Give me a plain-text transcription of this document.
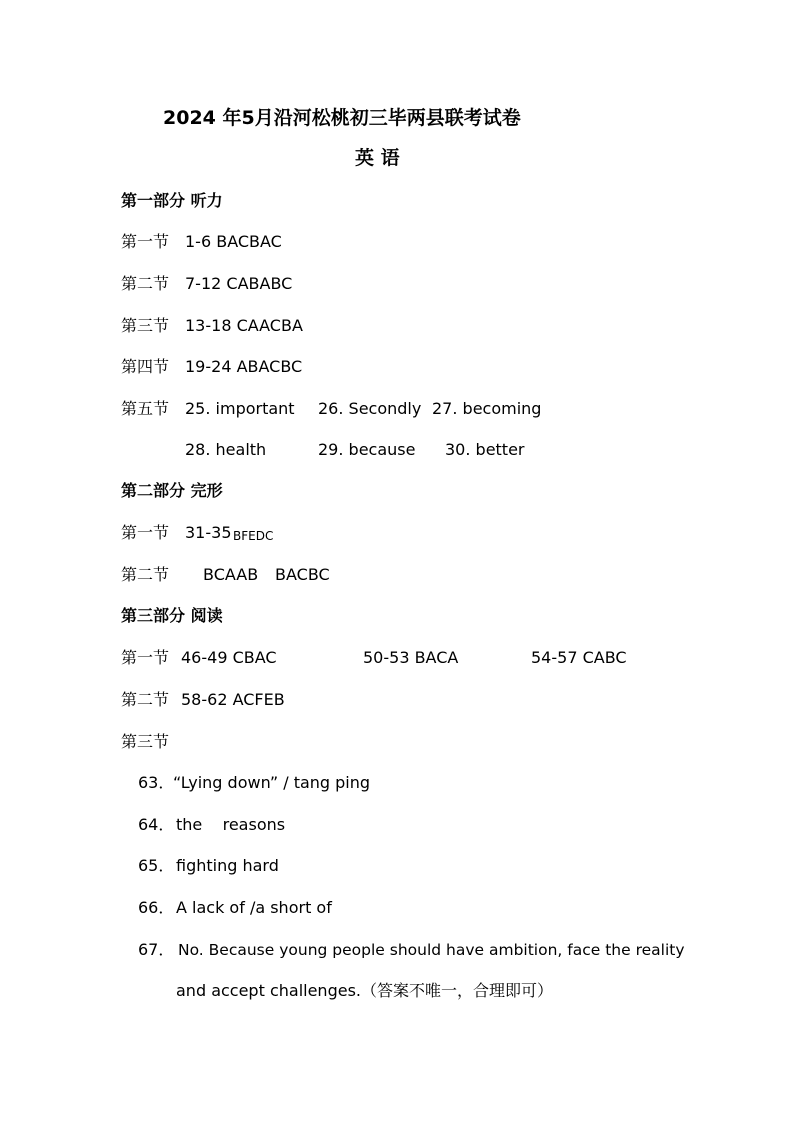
2024 年5月沿河松桃初三毕两县联考试卷
英 语
第一部分 听力
第一节 1-6 BACBAC
第二节 7-12 CABABC
第三节 13-18 CAACBA
第四节 19-24 ABACBC
第五节 25. important 26. Secondly 27. becoming
28. health	29. because 30. better
第二部分 完形
第一节 31-35 BFEDC
第二节 BCAAB BACBC
第三部分 阅读
第一节 46-49 CBAC	50-53 BACA	54-57 CABC
第二节 58-62 ACFEB
第三节
63．
“Lying down” / tang ping
64． the    reasons
65． fighting hard
66． A lack of /a short of
67． No. Because young people should have ambition, face the reality
and accept challenges.（答案不唯一，合理即可）
